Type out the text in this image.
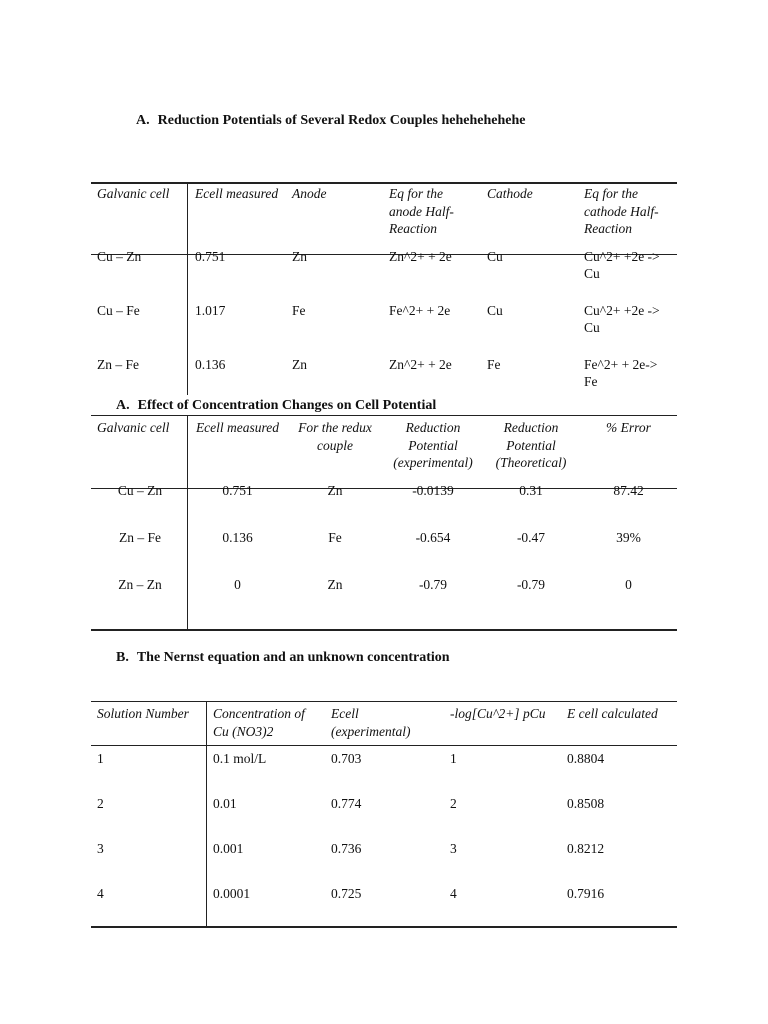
A. Reduction Potentials of Several Redox Couples hehehehehehe
Galvanic cell	Ecell measured	Anode	Eq for the anode Half-Reaction	Cathode	Eq for the cathode Half-Reaction
Cu – Zn	0.751	Zn	Zn^2+ + 2e	Cu	Cu^2+ +2e -> Cu
Cu – Fe	1.017	Fe	Fe^2+ + 2e	Cu	Cu^2+ +2e -> Cu
Zn – Fe	0.136	Zn	Zn^2+ + 2e	Fe	Fe^2+ + 2e-> Fe
A. Effect of Concentration Changes on Cell Potential
Galvanic cell	Ecell measured	For the redux couple	Reduction Potential (experimental)	Reduction Potential (Theoretical)	% Error
Cu – Zn	0.751	Zn	-0.0139	0.31	87.42
Zn – Fe	0.136	Fe	-0.654	-0.47	39%
Zn – Zn	0	Zn	-0.79	-0.79	0
B. The Nernst equation and an unknown concentration
Solution Number	Concentration of Cu (NO3)2	Ecell (experimental)	-log[Cu^2+] pCu	E cell calculated
1	0.1 mol/L	0.703	1	0.8804
2	0.01	0.774	2	0.8508
3	0.001	0.736	3	0.8212
4	0.0001	0.725	4	0.7916
